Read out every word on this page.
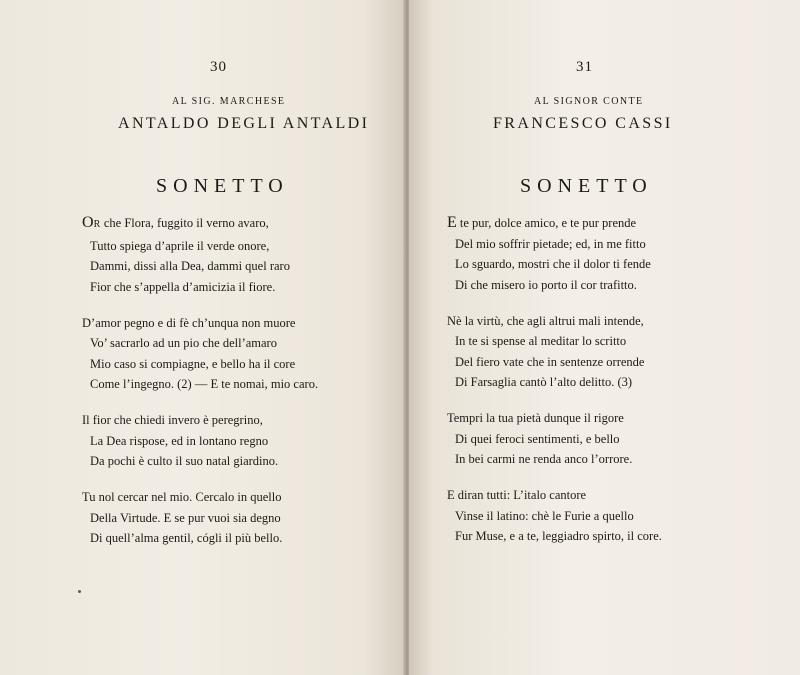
30
AL SIG. MARCHESE
ANTALDO DEGLI ANTALDI
SONETTO
OR che Flora, fuggito il verno avaro,
Tutto spiega d’aprile il verde onore,
Dammi, dissi alla Dea, dammi quel raro
Fior che s’appella d’amicizia il fiore.
D’amor pegno e di fè ch’unqua non muore
Vo’ sacrarlo ad un pio che dell’amaro
Mio caso si compiagne, e bello ha il core
Come l’ingegno. (2) — E te nomai, mio caro.
Il fior che chiedi invero è peregrino,
La Dea rispose, ed in lontano regno
Da pochi è culto il suo natal giardino.
Tu nol cercar nel mio. Cercalo in quello
Della Virtude. E se pur vuoi sia degno
Di quell’alma gentil, cógli il più bello.
31
AL SIGNOR CONTE
FRANCESCO CASSI
SONETTO
E te pur, dolce amico, e te pur prende
Del mio soffrir pietade; ed, in me fitto
Lo sguardo, mostri che il dolor ti fende
Di che misero io porto il cor trafitto.
Nè la virtù, che agli altrui mali intende,
In te si spense al meditar lo scritto
Del fiero vate che in sentenze orrende
Di Farsaglia cantò l’alto delitto. (3)
Tempri la tua pietà dunque il rigore
Di quei feroci sentimenti, e bello
In bei carmi ne renda anco l’orrore.
E diran tutti: L’italo cantore
Vinse il latino: chè le Furie a quello
Fur Muse, e a te, leggiadro spirto, il core.
